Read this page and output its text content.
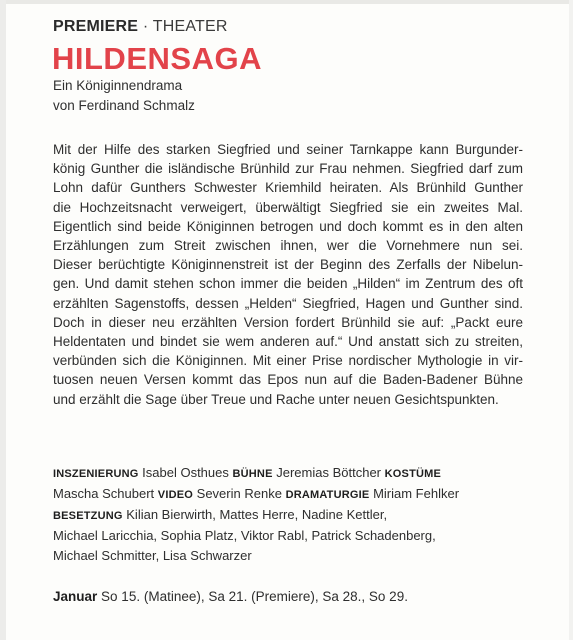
PREMIERE · THEATER
HILDENSAGA
Ein Königinnendrama
von Ferdinand Schmalz
Mit der Hilfe des starken Siegfried und seiner Tarnkappe kann Burgunder-
könig Gunther die isländische Brünhild zur Frau nehmen. Siegfried darf zum
Lohn dafür Gunthers Schwester Kriemhild heiraten. Als Brünhild Gunther
die Hochzeitsnacht verweigert, überwältigt Siegfried sie ein zweites Mal.
Eigentlich sind beide Königinnen betrogen und doch kommt es in den alten
Erzählungen zum Streit zwischen ihnen, wer die Vornehmere nun sei.
Dieser berüchtigte Königinnenstreit ist der Beginn des Zerfalls der Nibelun-
gen. Und damit stehen schon immer die beiden „Hilden“ im Zentrum des oft
erzählten Sagenstoffs, dessen „Helden“ Siegfried, Hagen und Gunther sind.
Doch in dieser neu erzählten Version fordert Brünhild sie auf: „Packt eure
Heldentaten und bindet sie wem anderen auf.“ Und anstatt sich zu streiten,
verbünden sich die Königinnen. Mit einer Prise nordischer Mythologie in vir-
tuosen neuen Versen kommt das Epos nun auf die Baden-Badener Bühne
und erzählt die Sage über Treue und Rache unter neuen Gesichtspunkten.
INSZENIERUNG Isabel Osthues BÜHNE Jeremias Böttcher KOSTÜME
Mascha Schubert VIDEO Severin Renke DRAMATURGIE Miriam Fehlker
BESETZUNG Kilian Bierwirth, Mattes Herre, Nadine Kettler,
Michael Laricchia, Sophia Platz, Viktor Rabl, Patrick Schadenberg,
Michael Schmitter, Lisa Schwarzer
Januar So 15. (Matinee), Sa 21. (Premiere), Sa 28., So 29.
